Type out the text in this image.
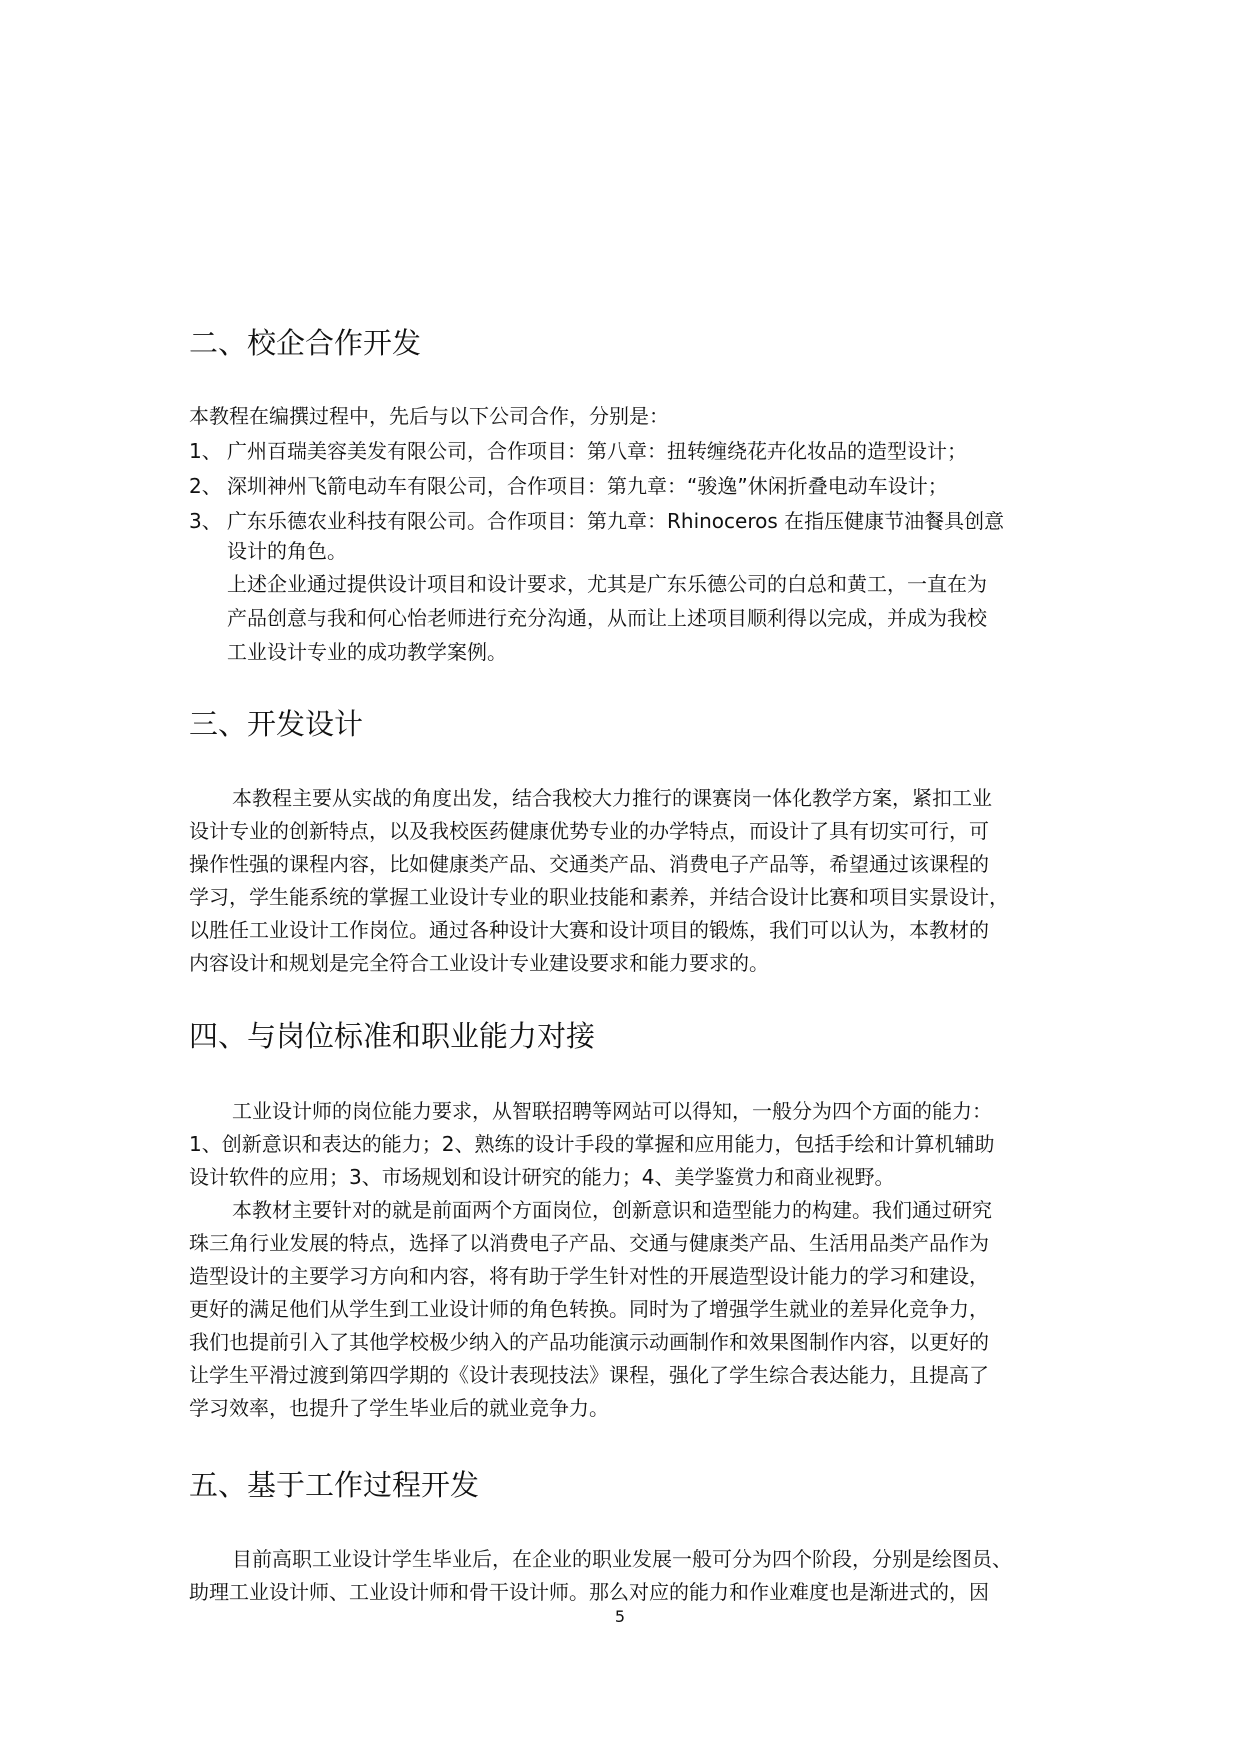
二、校企合作开发

本教程在编撰过程中，先后与以下公司合作，分别是：

1、 广州百瑞美容美发有限公司，合作项目：第八章：扭转缠绕花卉化妆品的造型设计；

2、 深圳神州飞箭电动车有限公司，合作项目：第九章：“骏逸”休闲折叠电动车设计；

3、 广东乐德农业科技有限公司。合作项目：第九章：Rhinoceros 在指压健康节油餐具创意

设计的角色。

上述企业通过提供设计项目和设计要求，尤其是广东乐德公司的白总和黄工，一直在为

产品创意与我和何心怡老师进行充分沟通，从而让上述项目顺利得以完成，并成为我校

工业设计专业的成功教学案例。

三、开发设计

本教程主要从实战的角度出发，结合我校大力推行的课赛岗一体化教学方案，紧扣工业

设计专业的创新特点，以及我校医药健康优势专业的办学特点，而设计了具有切实可行，可

操作性强的课程内容，比如健康类产品、交通类产品、消费电子产品等，希望通过该课程的

学习，学生能系统的掌握工业设计专业的职业技能和素养，并结合设计比赛和项目实景设计，

以胜任工业设计工作岗位。通过各种设计大赛和设计项目的锻炼，我们可以认为，本教材的

内容设计和规划是完全符合工业设计专业建设要求和能力要求的。

四、与岗位标准和职业能力对接

工业设计师的岗位能力要求，从智联招聘等网站可以得知，一般分为四个方面的能力：

1、创新意识和表达的能力；2、熟练的设计手段的掌握和应用能力，包括手绘和计算机辅助

设计软件的应用；3、市场规划和设计研究的能力；4、美学鉴赏力和商业视野。

本教材主要针对的就是前面两个方面岗位，创新意识和造型能力的构建。我们通过研究

珠三角行业发展的特点，选择了以消费电子产品、交通与健康类产品、生活用品类产品作为

造型设计的主要学习方向和内容，将有助于学生针对性的开展造型设计能力的学习和建设，

更好的满足他们从学生到工业设计师的角色转换。同时为了增强学生就业的差异化竞争力，

我们也提前引入了其他学校极少纳入的产品功能演示动画制作和效果图制作内容，以更好的

让学生平滑过渡到第四学期的《设计表现技法》课程，强化了学生综合表达能力，且提高了

学习效率，也提升了学生毕业后的就业竞争力。

五、基于工作过程开发

目前高职工业设计学生毕业后，在企业的职业发展一般可分为四个阶段，分别是绘图员、

助理工业设计师、工业设计师和骨干设计师。那么对应的能力和作业难度也是渐进式的，因

5
